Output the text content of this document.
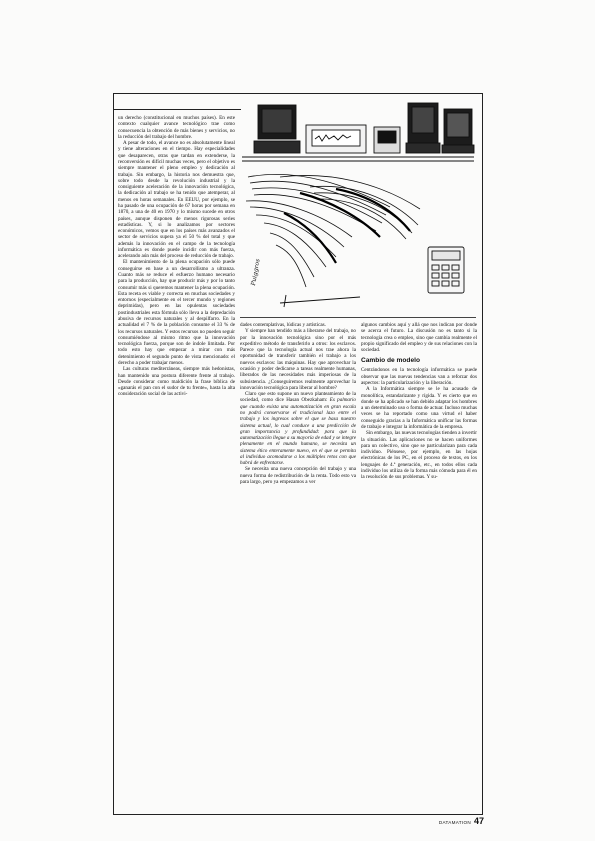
un derecho (constitucional en muchos países). En este contexto cualquier avance tecnológico trae como consecuencia la obtención de más bienes y servicios, no la reducción del trabajo del hombre.

A pesar de todo, el avance no es absolutamente lineal y tiene alteraciones en el tiempo. Hay especialidades que desaparecen, otras que tardan en extenderse, la reconversión es difícil muchas veces, pero el objetivo es siempre mantener el pleno empleo y dedicación al trabajo. Sin embargo, la historia nos demuestra que, sobre todo desde la revolución industrial y la consiguiente aceleración de la innovación tecnológica, la dedicación al trabajo se ha tenido que atemperar, al menos en horas semanales. En EEUU, por ejemplo, se ha pasado de una ocupación de 67 horas por semana en 1870, a una de 40 en 1970 y lo mismo sucede en otros países, aunque disponen de menos rigurosas series estadísticas. Y, si lo analizamos por sectores económicos, vemos que en los países más avanzados el sector de servicios supera ya el 50 % del total y que además la innovación en el campo de la tecnología informática es donde puede incidir con más fuerza, acelerando aún más del proceso de reducción de trabajo.

El mantenimiento de la plena ocupación sólo puede conseguirse en base a un desarrollismo a ultranza. Cuanto más se reduce el esfuerzo humano necesario para la producción, hay que producir más y por lo tanto consumir más si queremos mantener la plena ocupación. Esta receta es viable y correcta en muchas sociedades y entornos (especialmente en el tercer mundo y regiones deprimidas), pero en las opulentas sociedades postindustriales esta fórmula sólo lleva a la depredación abusiva de recursos naturales y al despilfarro. En la actualidad el 7 % de la población consume el 33 % de los recursos naturales. Y estos recursos no pueden seguir consumiéndose al mismo ritmo que la innovación tecnológica fuerza, porque son de índole limitada. Por todo esto hay que empezar a mirar con más detenimiento el segundo punto de vista mencionado: el derecho a poder trabajar menos.

Las culturas mediterráneas, siempre más hedonistas, han mantenido una postura diferente frente al trabajo. Desde considerar como maldición la frase bíblica de «ganarás el pan con el sudor de tu frente», hasta la alta consideración social de las activi-

Puiggros

dades contemplativas, lúdicas y artísticas.

Y siempre han tendido más a liberarse del trabajo, no por la innovación tecnológica sino por el más expeditivo método de transferirlo a otros: los esclavos. Parece que la tecnología actual nos trae ahora la oportunidad de transferir también el trabajo a los nuevos esclavos: las máquinas. Hay que aprovechar la ocasión y poder dedicarse a tareas realmente humanas, liberados de las necesidades más imperiosas de la subsistencia. ¿Conseguiremos realmente aprovechar la innovación tecnológica para liberar al hombre?

Claro que esto supone un nuevo planteamiento de la sociedad, como dice Hasan Obezkaham: Es palmario que cuando exista una automatización en gran escala no podrá conservarse el tradicional lazo entre el trabajo y los ingresos sobre el que se basa nuestro sistema actual, lo cual conduce a una predicción de gran importancia y profundidad: para que la automatización llegue a su mayoría de edad y se integre plenamente en el mundo humano, se necesita un sistema ético enteramente nuevo, en el que se permita al individuo acomodarse a los múltiples retos con que habrá de enfrentarse.

Se necesita una nueva concepción del trabajo y una nueva forma de redistribución de la renta. Todo esto va para largo, pero ya empezamos a ver

algunos cambios aquí y allá que nos indican por donde se acerca el futuro. La discusión no es tanto si la tecnología crea o empleo, sino que cambia realmente el propio significado del empleo y de sus relaciones con la sociedad.

Cambio de modelo

Centrándonos en la tecnología informática se puede observar que las nuevas tendencias van a reforzar dos aspectos: la particularización y la liberación.

A la Informática siempre se le ha acusado de monolítica, estandarizante y rígida. Y es cierto que en donde se ha aplicado se han debido adaptar los hombres a un determinado uso o forma de actuar. Incluso muchas veces se ha reportado como una virtud el haber conseguido gracias a la Informática unificar las formas de trabajo e integrar la informática de la empresa.

Sin embargo, las nuevas tecnologías tienden a invertir la situación. Las aplicaciones no se hacen uniformes para un colectivo, sino que se particularizan para cada individuo. Piénsese, por ejemplo, en las hojas electrónicas de los PC, en el proceso de textos, en los lenguajes de 4.ª generación, etc., en todos ellos cada individuo los utiliza de la forma más cómoda para él en la resolución de sus problemas. Y su-

DATAMATION 47
